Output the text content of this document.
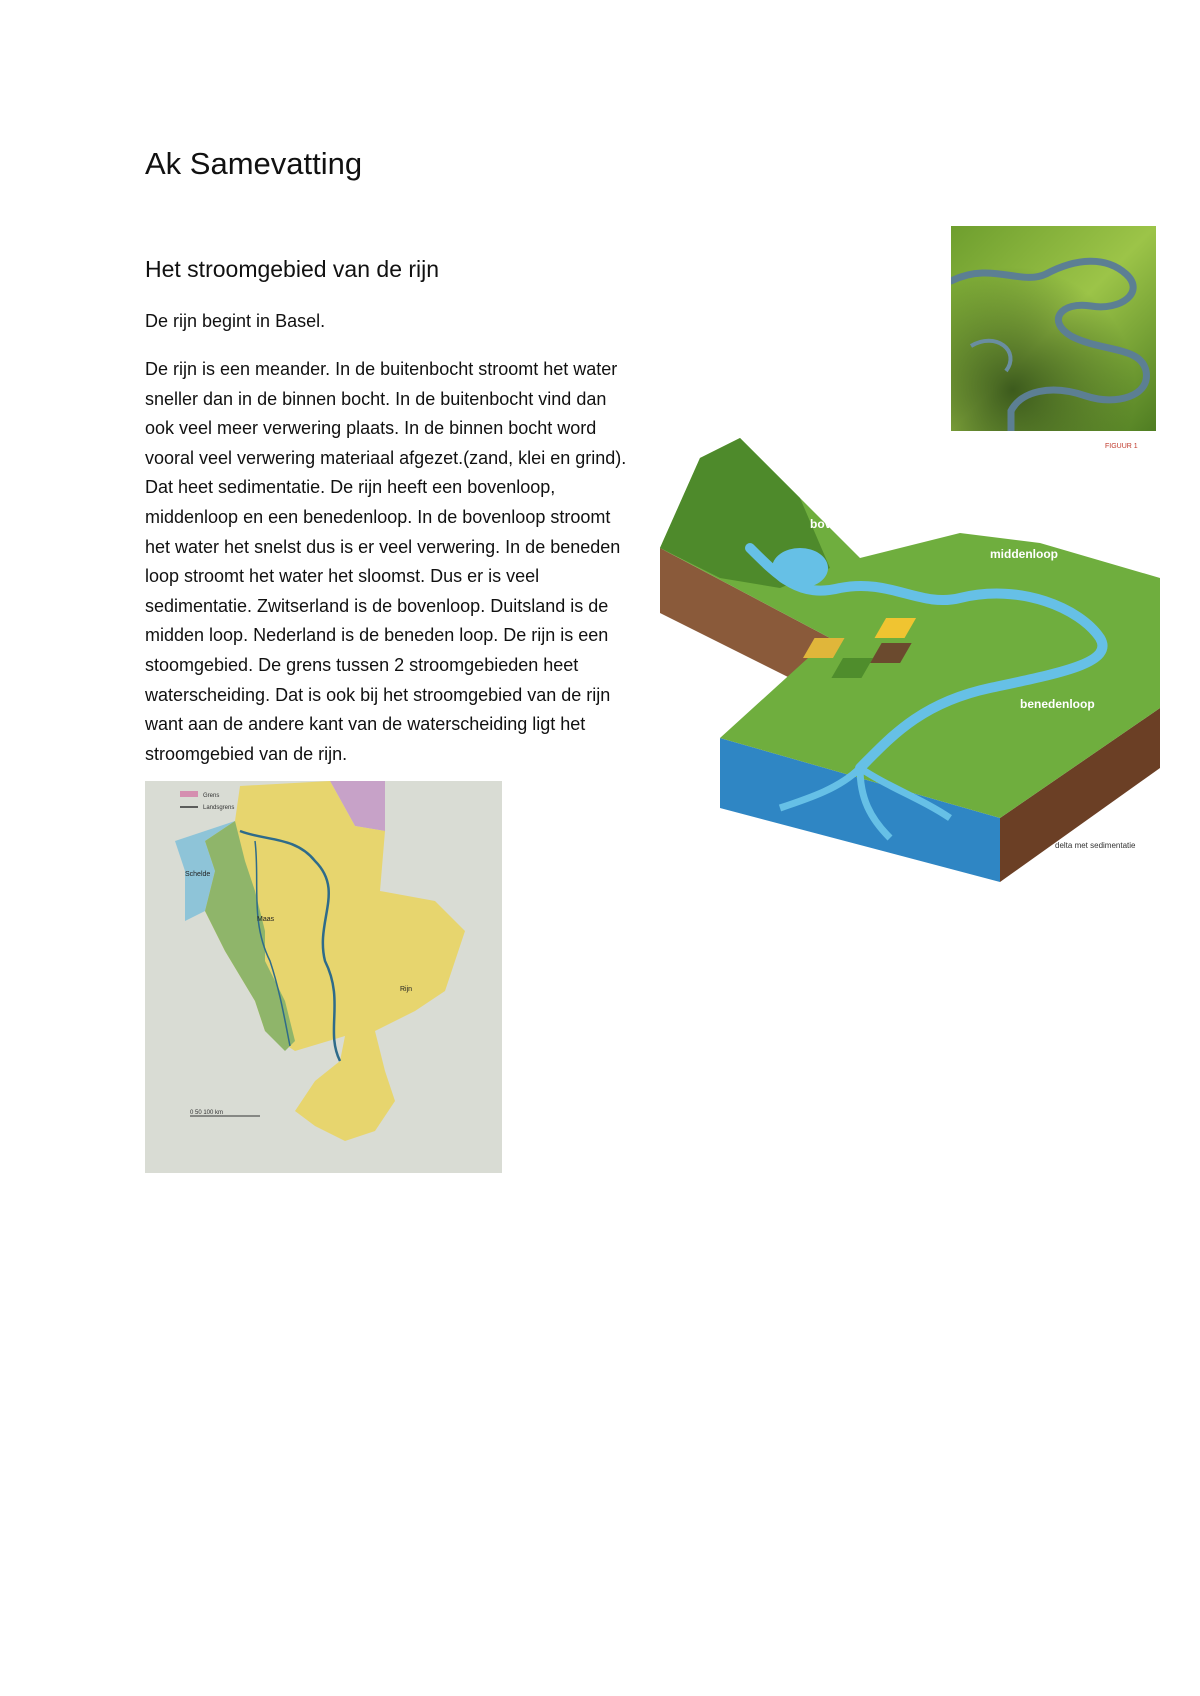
Ak Samevatting
Het stroomgebied van de rijn

De rijn begint in Basel.

De rijn is een meander. In de buitenbocht stroomt het water sneller dan in de binnen bocht. In de buitenbocht vind dan ook veel meer verwering plaats. In de binnen bocht word vooral veel verwering materiaal afgezet.(zand, klei en grind). Dat heet sedimentatie. De rijn heeft een bovenloop, middenloop en een benedenloop. In de bovenloop stroomt het water het snelst dus is er veel verwering. In de beneden loop stroomt het water het sloomst. Dus er is veel sedimentatie. Zwitserland is de bovenloop. Duitsland is de midden loop. Nederland is de beneden loop. De rijn is een stoomgebied. De grens tussen 2 stroomgebieden heet waterscheiding. Dat is ook bij het stroomgebied van de rijn want aan de andere kant van de waterscheiding ligt het stroomgebied van de rijn.
bovenloop
middenloop
benedenloop
delta met sedimentatie
FIGUUR 1
Grens
Landsgrens
Schelde
Maas
Rijn
0 50 100 km
